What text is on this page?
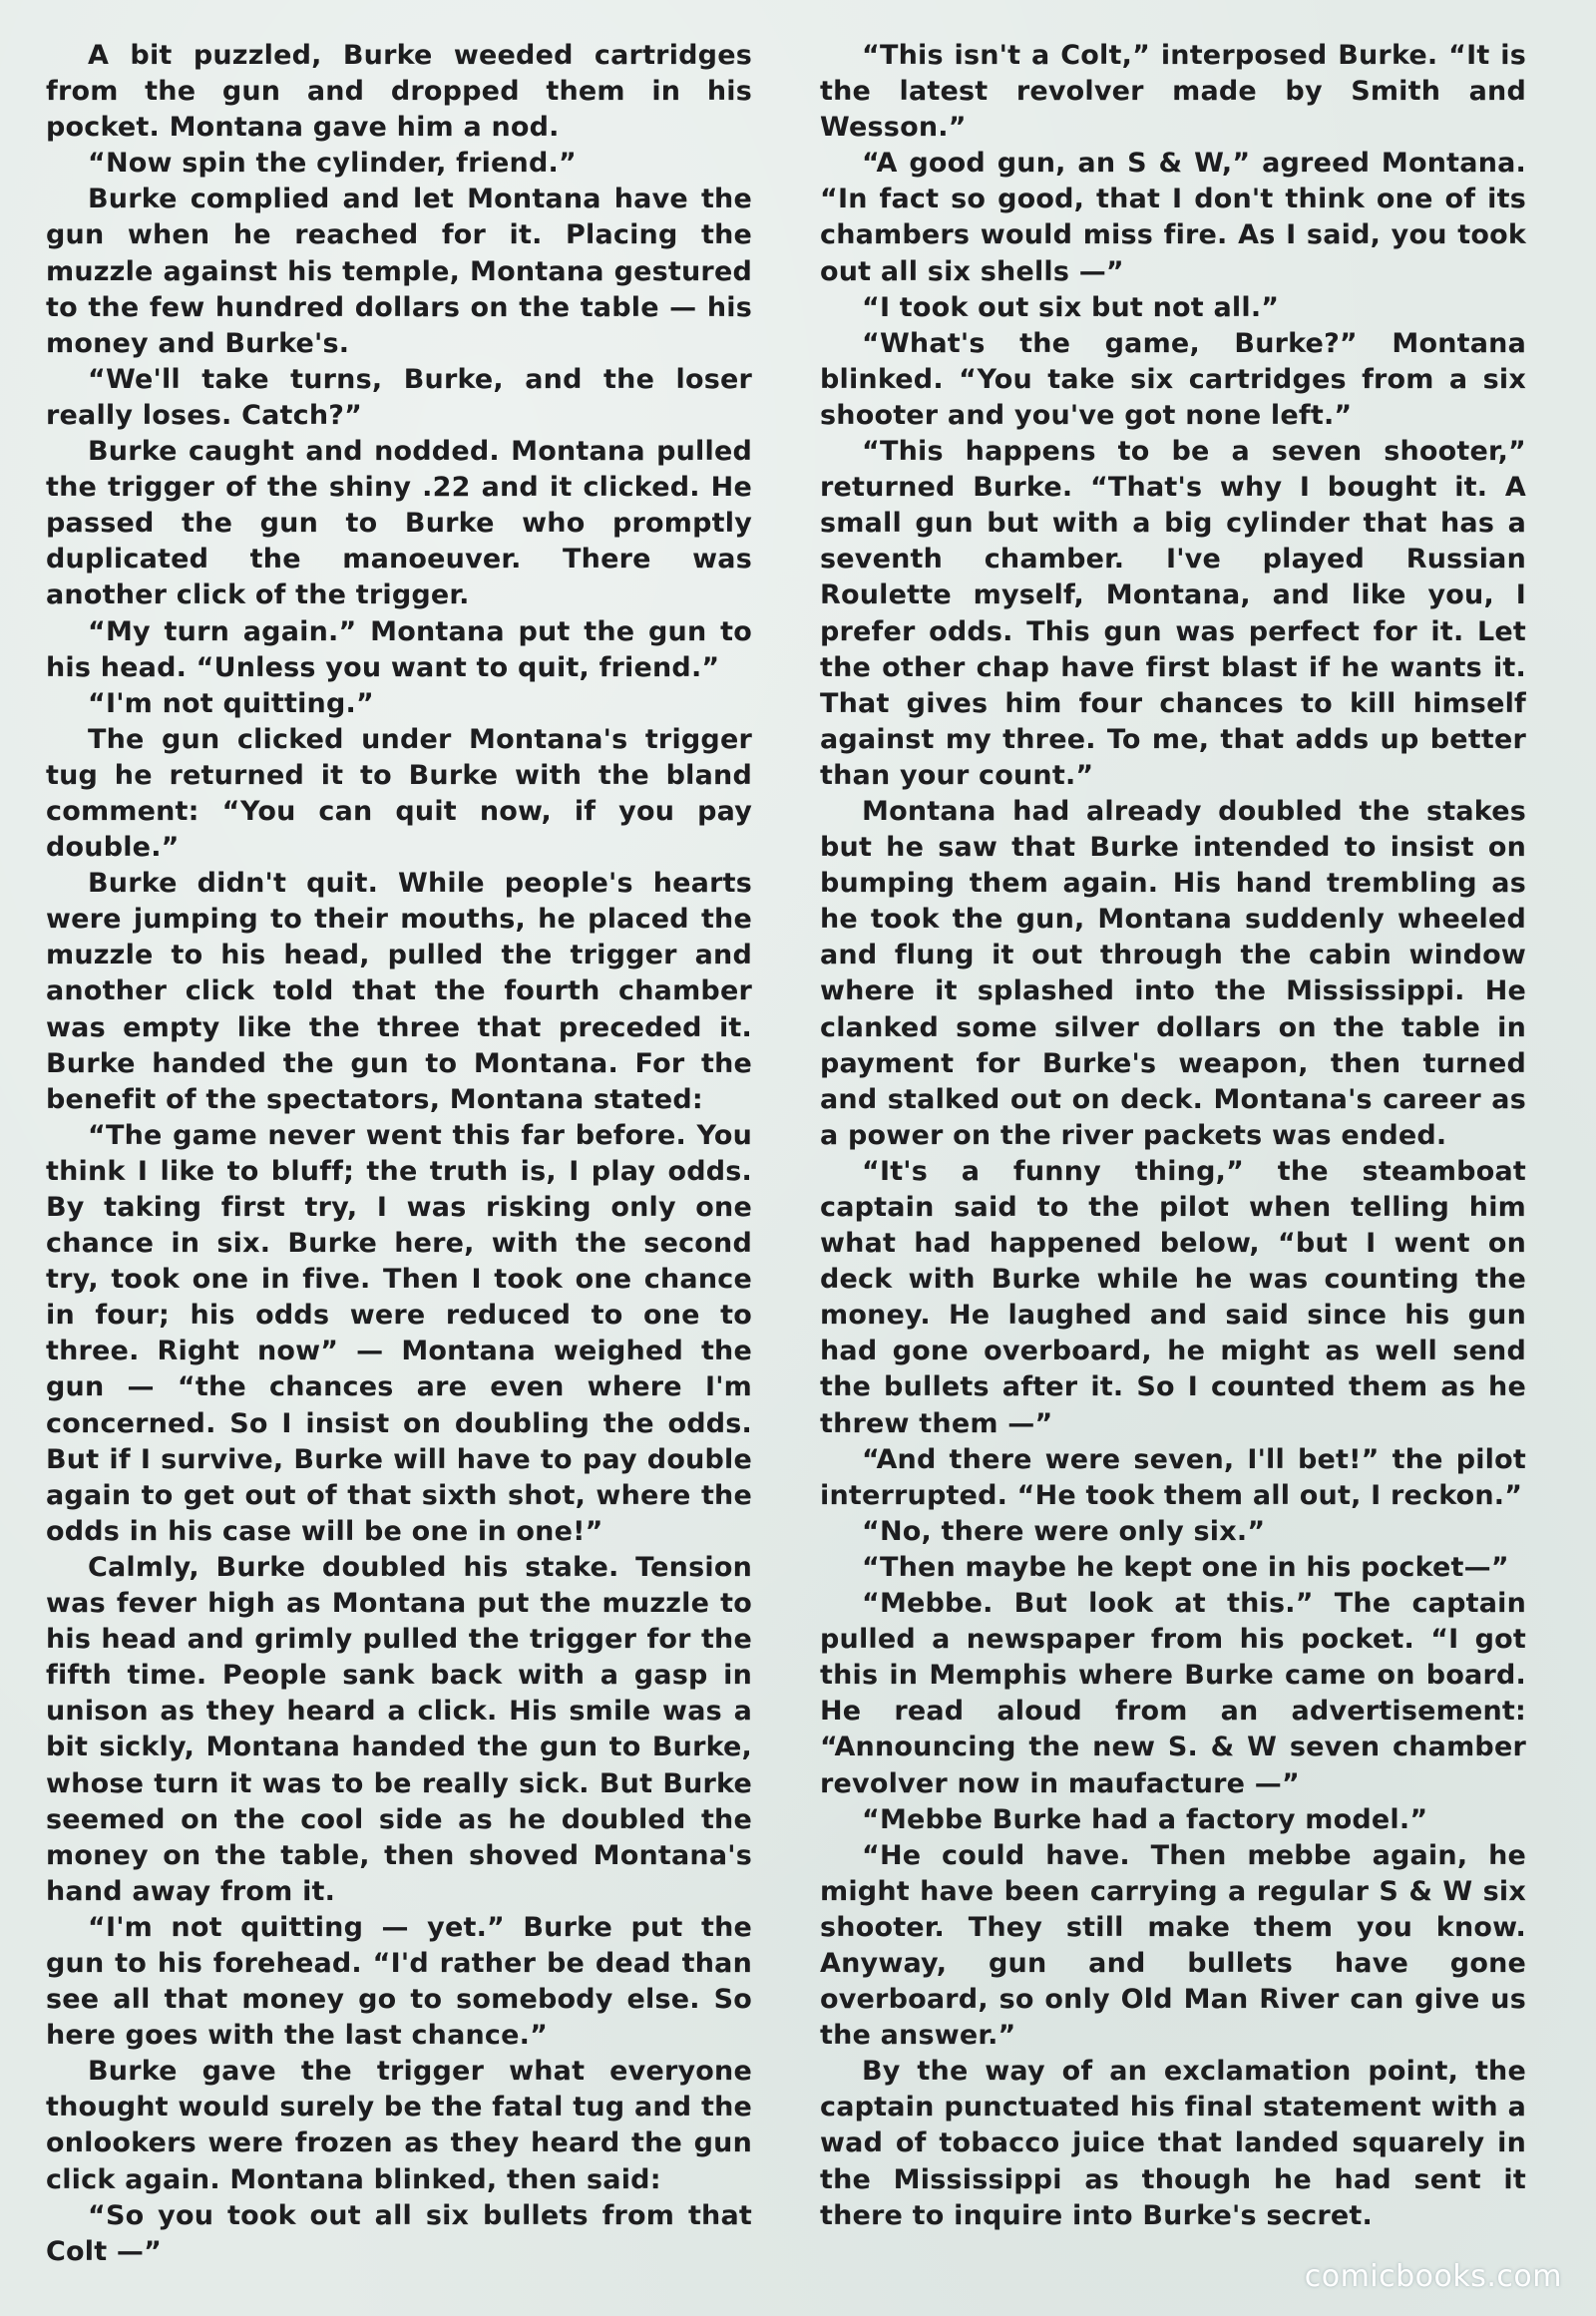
A bit puzzled, Burke weeded cartridges from the gun and dropped them in his pocket. Montana gave him a nod.

“Now spin the cylinder, friend.”

Burke complied and let Montana have the gun when he reached for it. Placing the muzzle against his temple, Montana gestured to the few hundred dollars on the table — his money and Burke's.

“We'll take turns, Burke, and the loser really loses. Catch?”

Burke caught and nodded. Montana pulled the trigger of the shiny .22 and it clicked. He passed the gun to Burke who promptly duplicated the manoeuver. There was another click of the trigger.

“My turn again.” Montana put the gun to his head. “Unless you want to quit, friend.”

“I'm not quitting.”

The gun clicked under Montana's trigger tug he returned it to Burke with the bland comment: “You can quit now, if you pay double.”

Burke didn't quit. While people's hearts were jumping to their mouths, he placed the muzzle to his head, pulled the trigger and another click told that the fourth chamber was empty like the three that preceded it. Burke handed the gun to Montana. For the benefit of the spectators, Montana stated:

“The game never went this far before. You think I like to bluff; the truth is, I play odds. By taking first try, I was risking only one chance in six. Burke here, with the second try, took one in five. Then I took one chance in four; his odds were reduced to one to three. Right now” — Montana weighed the gun — “the chances are even where I'm concerned. So I insist on doubling the odds. But if I survive, Burke will have to pay double again to get out of that sixth shot, where the odds in his case will be one in one!”

Calmly, Burke doubled his stake. Tension was fever high as Montana put the muzzle to his head and grimly pulled the trigger for the fifth time. People sank back with a gasp in unison as they heard a click. His smile was a bit sickly, Montana handed the gun to Burke, whose turn it was to be really sick. But Burke seemed on the cool side as he doubled the money on the table, then shoved Montana's hand away from it.

“I'm not quitting — yet.” Burke put the gun to his forehead. “I'd rather be dead than see all that money go to somebody else. So here goes with the last chance.”

Burke gave the trigger what everyone thought would surely be the fatal tug and the onlookers were frozen as they heard the gun click again. Montana blinked, then said:

“So you took out all six bullets from that Colt —”

“This isn't a Colt,” interposed Burke. “It is the latest revolver made by Smith and Wesson.”

“A good gun, an S & W,” agreed Montana. “In fact so good, that I don't think one of its chambers would miss fire. As I said, you took out all six shells —”

“I took out six but not all.”

“What's the game, Burke?” Montana blinked. “You take six cartridges from a six shooter and you've got none left.”

“This happens to be a seven shooter,” returned Burke. “That's why I bought it. A small gun but with a big cylinder that has a seventh chamber. I've played Russian Roulette myself, Montana, and like you, I prefer odds. This gun was perfect for it. Let the other chap have first blast if he wants it. That gives him four chances to kill himself against my three. To me, that adds up better than your count.”

Montana had already doubled the stakes but he saw that Burke intended to insist on bumping them again. His hand trembling as he took the gun, Montana suddenly wheeled and flung it out through the cabin window where it splashed into the Mississippi. He clanked some silver dollars on the table in payment for Burke's weapon, then turned and stalked out on deck. Montana's career as a power on the river packets was ended.

“It's a funny thing,” the steamboat captain said to the pilot when telling him what had happened below, “but I went on deck with Burke while he was counting the money. He laughed and said since his gun had gone overboard, he might as well send the bullets after it. So I counted them as he threw them —”

“And there were seven, I'll bet!” the pilot interrupted. “He took them all out, I reckon.”

“No, there were only six.”

“Then maybe he kept one in his pocket—”

“Mebbe. But look at this.” The captain pulled a newspaper from his pocket. “I got this in Memphis where Burke came on board. He read aloud from an advertisement: “Announcing the new S. & W seven chamber revolver now in maufacture —”

“Mebbe Burke had a factory model.”

“He could have. Then mebbe again, he might have been carrying a regular S & W six shooter. They still make them you know. Anyway, gun and bullets have gone overboard, so only Old Man River can give us the answer.”

By the way of an exclamation point, the captain punctuated his final statement with a wad of tobacco juice that landed squarely in the Mississippi as though he had sent it there to inquire into Burke's secret.

comicbooks.com
